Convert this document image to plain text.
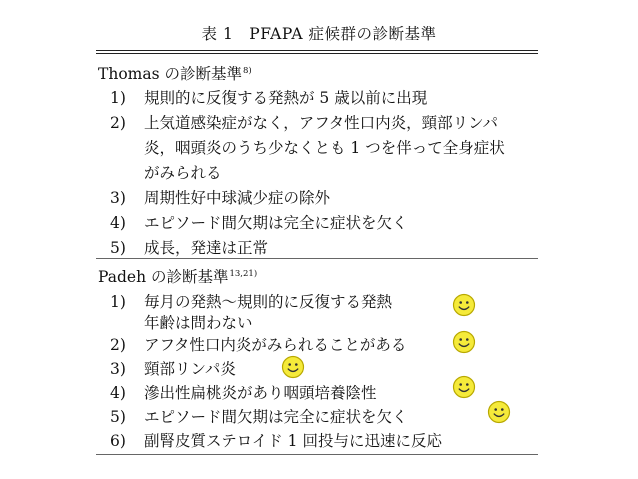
表 1　PFAPA 症候群の診断基準
Thomas の診断基準$^{8)}$
1) 規則的に反復する発熱が 5 歳以前に出現
2) 上気道感染症がなく，アフタ性口内炎，頸部リンパ
炎，咽頭炎のうち少なくとも 1 つを伴って全身症状
がみられる
3) 周期性好中球減少症の除外
4) エピソード間欠期は完全に症状を欠く
5) 成長，発達は正常
Padeh の診断基準$^{13,21)}$
1) 毎月の発熱～規則的に反復する発熱
年齢は問わない
2) アフタ性口内炎がみられることがある
3) 頸部リンパ炎
4) 滲出性扁桃炎があり咽頭培養陰性
5) エピソード間欠期は完全に症状を欠く
6) 副腎皮質ステロイド 1 回投与に迅速に反応
